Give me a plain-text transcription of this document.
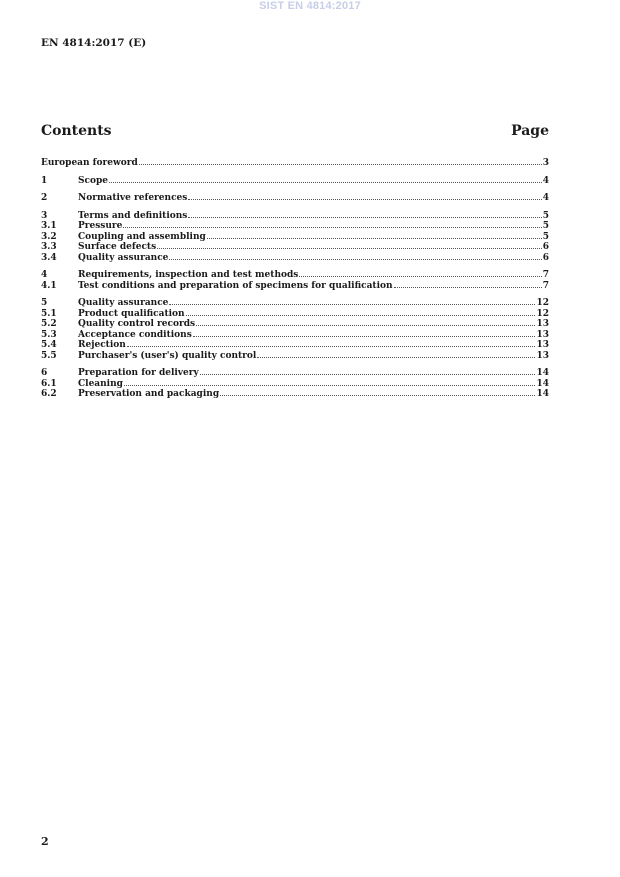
SIST EN 4814:2017
EN 4814:2017 (E)
Contents	Page
European foreword	3
1	Scope	4
2	Normative references	4
3	Terms and definitions	5
3.1	Pressure	5
3.2	Coupling and assembling	5
3.3	Surface defects	6
3.4	Quality assurance	6
4	Requirements, inspection and test methods	7
4.1	Test conditions and preparation of specimens for qualification	7
5	Quality assurance	12
5.1	Product qualification	12
5.2	Quality control records	13
5.3	Acceptance conditions	13
5.4	Rejection	13
5.5	Purchaser's (user's) quality control	13
6	Preparation for delivery	14
6.1	Cleaning	14
6.2	Preservation and packaging	14
2
